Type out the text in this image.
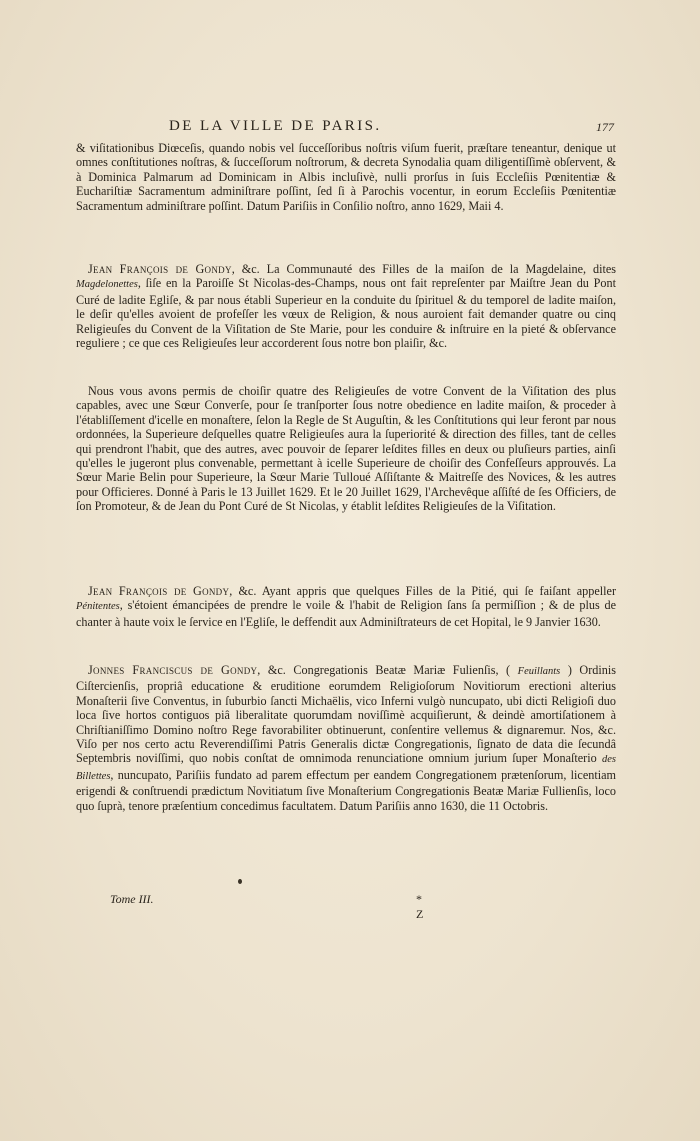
DE LA VILLE DE PARIS.	177

& viſitationibus Diœceſis, quando nobis vel ſucceſſoribus noſtris viſum fuerit, præſtare teneantur, denique ut omnes conſtitutiones noſtras, & ſucceſſorum noſtrorum, & decreta Synodalia quam diligentiſſimè obſervent, & à Dominica Palmarum ad Dominicam in Albis incluſivè, nulli prorſus in ſuis Eccleſiis Pœnitentiæ & Euchariſtiæ Sacramentum adminiſtrare poſſint, ſed ſi à Parochis vocentur, in eorum Eccleſiis Pœnitentiæ Sacramentum adminiſtrare poſſint. Datum Pariſiis in Conſilio noſtro, anno 1629, Maii 4.

Jean François de Gondy, &c. La Communauté des Filles de la maiſon de la Magdelaine, dites Magdelonettes, ſiſe en la Paroiſſe St Nicolas-des-Champs, nous ont fait repreſenter par Maiſtre Jean du Pont Curé de ladite Egliſe, & par nous établi Superieur en la conduite du ſpirituel & du temporel de ladite maiſon, le deſir qu'elles avoient de profeſſer les vœux de Religion, & nous auroient fait demander quatre ou cinq Religieuſes du Convent de la Viſitation de Ste Marie, pour les conduire & inſtruire en la pieté & obſervance reguliere ; ce que ces Religieuſes leur accorderent ſous notre bon plaiſir, &c.

Nous vous avons permis de choiſir quatre des Religieuſes de votre Convent de la Viſitation des plus capables, avec une Sœur Converſe, pour ſe tranſporter ſous notre obedience en ladite maiſon, & proceder à l'établiſſement d'icelle en monaſtere, ſelon la Regle de St Auguſtin, & les Conſtitutions qui leur feront par nous ordonnées, la Superieure deſquelles quatre Religieuſes aura la ſuperiorité & direction des filles, tant de celles qui prendront l'habit, que des autres, avec pouvoir de ſeparer leſdites filles en deux ou pluſieurs parties, ainſi qu'elles le jugeront plus convenable, permettant à icelle Superieure de choiſir des Confeſſeurs approuvés. La Sœur Marie Belin pour Superieure, la Sœur Marie Tulloué Aſſiſtante & Maitreſſe des Novices, & les autres pour Officieres. Donné à Paris le 13 Juillet 1629. Et le 20 Juillet 1629, l'Archevêque aſſiſté de ſes Officiers, de ſon Promoteur, & de Jean du Pont Curé de St Nicolas, y établit leſdites Religieuſes de la Viſitation.

Jean François de Gondy, &c. Ayant appris que quelques Filles de la Pitié, qui ſe faiſant appeller Pénitentes, s'étoient émancipées de prendre le voile & l'habit de Religion ſans ſa permiſſion ; & de plus de chanter à haute voix le ſervice en l'Egliſe, le deffendit aux Adminiſtrateurs de cet Hopital, le 9 Janvier 1630.

Jonnes Franciscus de Gondy, &c. Congregationis Beatæ Mariæ Fulienſis, ( Feuillants ) Ordinis Ciſtercienſis, propriâ educatione & eruditione eorumdem Religioſorum Novitiorum erectioni alterius Monaſterii ſive Conventus, in ſuburbio ſancti Michaëlis, vico Inferni vulgò nuncupato, ubi dicti Religioſi duo loca ſive hortos contiguos piâ liberalitate quorumdam noviſſimè acquiſierunt, & deindè amortiſationem à Chriſtianiſſimo Domino noſtro Rege favorabiliter obtinuerunt, conſentire vellemus & dignaremur. Nos, &c. Viſo per nos certo actu Reverendiſſimi Patris Generalis dictæ Congregationis, ſignato de data die ſecundâ Septembris noviſſimi, quo nobis conſtat de omnimoda renunciatione omnium jurium ſuper Monaſterio des Billettes, nuncupato, Pariſiis fundato ad parem effectum per eandem Congregationem prætenſorum, licentiam erigendi & conſtruendi prædictum Novitiatum ſive Monaſterium Congregationis Beatæ Mariæ Fullienſis, loco quo ſuprà, tenore præſentium concedimus facultatem. Datum Pariſiis anno 1630, die 11 Octobris.

Tome III.	* Z
